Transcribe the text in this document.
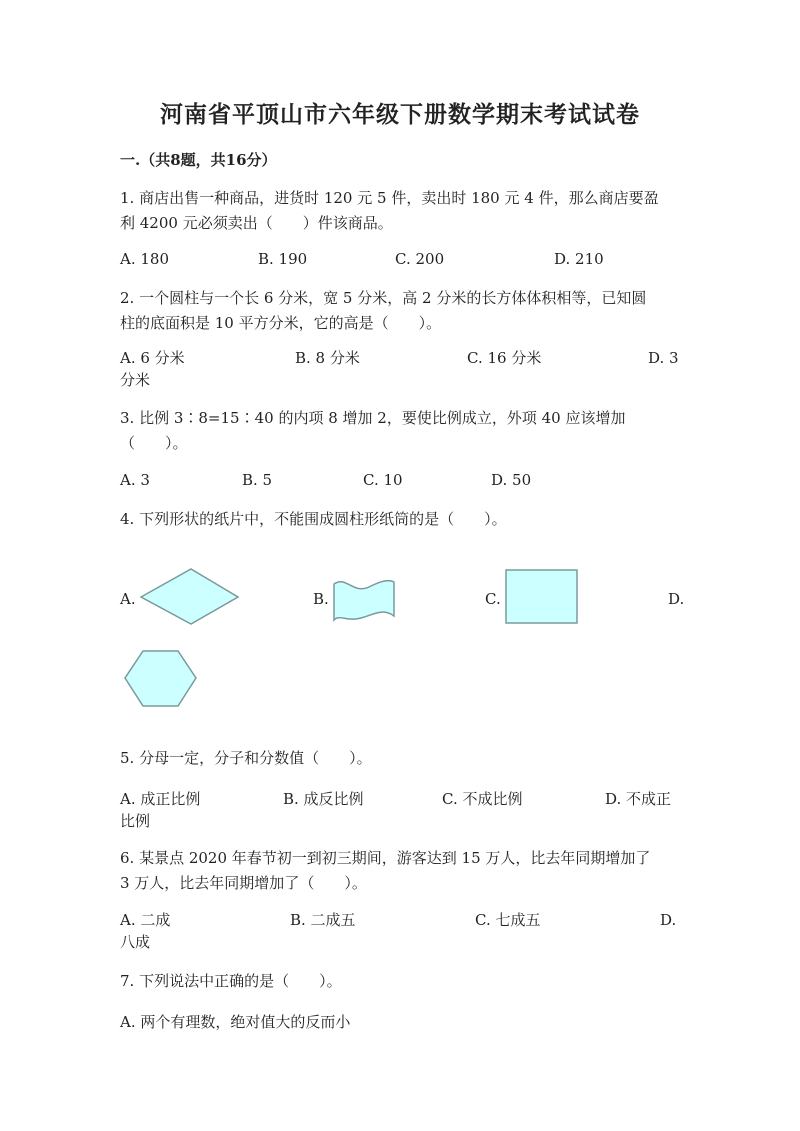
河南省平顶山市六年级下册数学期末考试试卷
一.（共8题，共16分）
1. 商店出售一种商品，进货时 120 元 5 件，卖出时 180 元 4 件，那么商店要盈
利 4200 元必须卖出（　　）件该商品。
A. 180	B. 190	C. 200	D. 210
2. 一个圆柱与一个长 6 分米，宽 5 分米，高 2 分米的长方体体积相等，已知圆
柱的底面积是 10 平方分米，它的高是（　　）。
A. 6 分米	B. 8 分米	C. 16 分米	D. 3
分米
3. 比例 3∶8=15∶40 的内项 8 增加 2，要使比例成立，外项 40 应该增加
（　　）。
A. 3	B. 5	C. 10	D. 50
4. 下列形状的纸片中，不能围成圆柱形纸筒的是（　　）。
A.	B.	C.	D.
5. 分母一定，分子和分数值（　　）。
A. 成正比例	B. 成反比例	C. 不成比例	D. 不成正
比例
6. 某景点 2020 年春节初一到初三期间，游客达到 15 万人，比去年同期增加了
3 万人，比去年同期增加了（　　）。
A. 二成	B. 二成五	C. 七成五	D.
八成
7. 下列说法中正确的是（　　）。
A. 两个有理数，绝对值大的反而小
